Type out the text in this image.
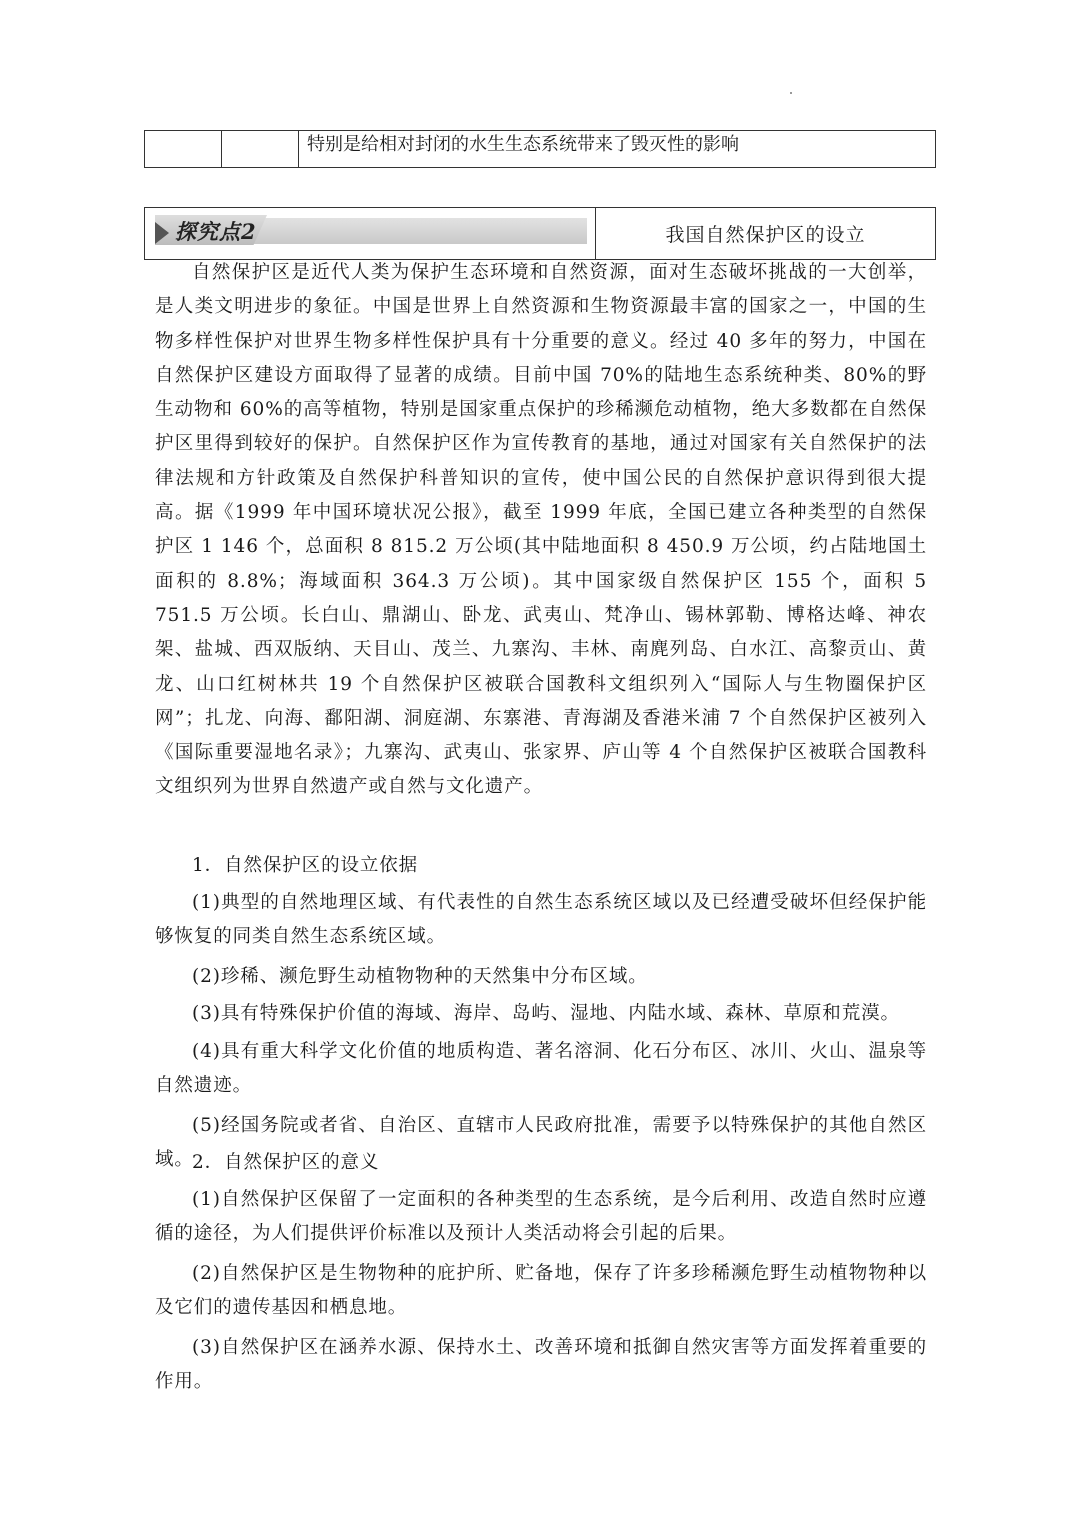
特别是给相对封闭的水生生态系统带来了毁灭性的影响
探究点2	我国自然保护区的设立

自然保护区是近代人类为保护生态环境和自然资源，面对生态破坏挑战的一大创举，是人类文明进步的象征。中国是世界上自然资源和生物资源最丰富的国家之一，中国的生物多样性保护对世界生物多样性保护具有十分重要的意义。经过 40 多年的努力，中国在自然保护区建设方面取得了显著的成绩。目前中国 70%的陆地生态系统种类、80%的野生动物和 60%的高等植物，特别是国家重点保护的珍稀濒危动植物，绝大多数都在自然保护区里得到较好的保护。自然保护区作为宣传教育的基地，通过对国家有关自然保护的法律法规和方针政策及自然保护科普知识的宣传，使中国公民的自然保护意识得到很大提高。据《1999 年中国环境状况公报》，截至 1999 年底，全国已建立各种类型的自然保护区 1 146 个，总面积 8 815.2 万公顷(其中陆地面积 8 450.9 万公顷，约占陆地国土面积的 8.8%；海域面积 364.3 万公顷)。其中国家级自然保护区 155 个，面积 5 751.5 万公顷。长白山、鼎湖山、卧龙、武夷山、梵净山、锡林郭勒、博格达峰、神农架、盐城、西双版纳、天目山、茂兰、九寨沟、丰林、南麂列岛、白水江、高黎贡山、黄龙、山口红树林共 19 个自然保护区被联合国教科文组织列入“国际人与生物圈保护区网”；扎龙、向海、鄱阳湖、洞庭湖、东寨港、青海湖及香港米浦 7 个自然保护区被列入《国际重要湿地名录》；九寨沟、武夷山、张家界、庐山等 4 个自然保护区被联合国教科文组织列为世界自然遗产或自然与文化遗产。

1．自然保护区的设立依据

(1)典型的自然地理区域、有代表性的自然生态系统区域以及已经遭受破坏但经保护能够恢复的同类自然生态系统区域。

(2)珍稀、濒危野生动植物物种的天然集中分布区域。

(3)具有特殊保护价值的海域、海岸、岛屿、湿地、内陆水域、森林、草原和荒漠。

(4)具有重大科学文化价值的地质构造、著名溶洞、化石分布区、冰川、火山、温泉等自然遗迹。

(5)经国务院或者省、自治区、直辖市人民政府批准，需要予以特殊保护的其他自然区域。

2．自然保护区的意义

(1)自然保护区保留了一定面积的各种类型的生态系统，是今后利用、改造自然时应遵循的途径，为人们提供评价标准以及预计人类活动将会引起的后果。

(2)自然保护区是生物物种的庇护所、贮备地，保存了许多珍稀濒危野生动植物物种以及它们的遗传基因和栖息地。

(3)自然保护区在涵养水源、保持水土、改善环境和抵御自然灾害等方面发挥着重要的作用。
